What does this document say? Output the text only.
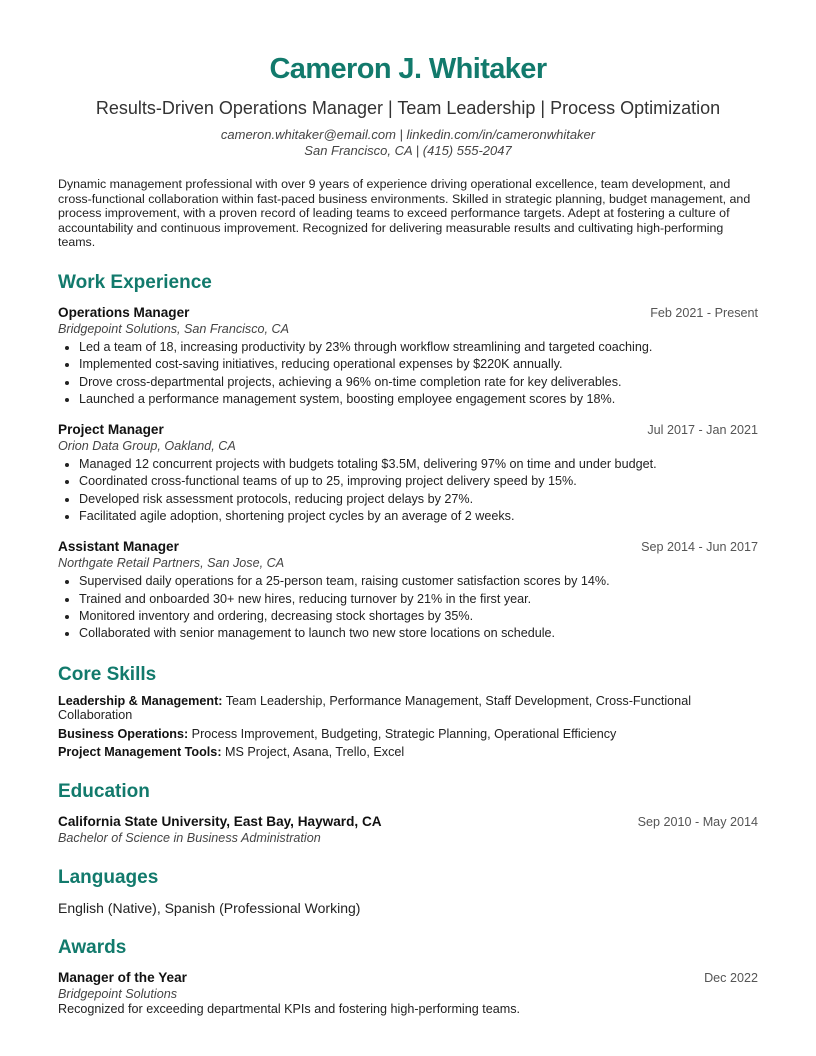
Cameron J. Whitaker
Results-Driven Operations Manager | Team Leadership | Process Optimization
cameron.whitaker@email.com | linkedin.com/in/cameronwhitaker
San Francisco, CA | (415) 555-2047
Dynamic management professional with over 9 years of experience driving operational excellence, team development, and cross-functional collaboration within fast-paced business environments. Skilled in strategic planning, budget management, and process improvement, with a proven record of leading teams to exceed performance targets. Adept at fostering a culture of accountability and continuous improvement. Recognized for delivering measurable results and cultivating high-performing teams.
Work Experience
Operations Manager	Feb 2021 - Present
Bridgepoint Solutions, San Francisco, CA
• Led a team of 18, increasing productivity by 23% through workflow streamlining and targeted coaching.
• Implemented cost-saving initiatives, reducing operational expenses by $220K annually.
• Drove cross-departmental projects, achieving a 96% on-time completion rate for key deliverables.
• Launched a performance management system, boosting employee engagement scores by 18%.
Project Manager	Jul 2017 - Jan 2021
Orion Data Group, Oakland, CA
• Managed 12 concurrent projects with budgets totaling $3.5M, delivering 97% on time and under budget.
• Coordinated cross-functional teams of up to 25, improving project delivery speed by 15%.
• Developed risk assessment protocols, reducing project delays by 27%.
• Facilitated agile adoption, shortening project cycles by an average of 2 weeks.
Assistant Manager	Sep 2014 - Jun 2017
Northgate Retail Partners, San Jose, CA
• Supervised daily operations for a 25-person team, raising customer satisfaction scores by 14%.
• Trained and onboarded 30+ new hires, reducing turnover by 21% in the first year.
• Monitored inventory and ordering, decreasing stock shortages by 35%.
• Collaborated with senior management to launch two new store locations on schedule.
Core Skills
Leadership & Management: Team Leadership, Performance Management, Staff Development, Cross-Functional Collaboration
Business Operations: Process Improvement, Budgeting, Strategic Planning, Operational Efficiency
Project Management Tools: MS Project, Asana, Trello, Excel
Education
California State University, East Bay, Hayward, CA	Sep 2010 - May 2014
Bachelor of Science in Business Administration
Languages
English (Native), Spanish (Professional Working)
Awards
Manager of the Year	Dec 2022
Bridgepoint Solutions
Recognized for exceeding departmental KPIs and fostering high-performing teams.
